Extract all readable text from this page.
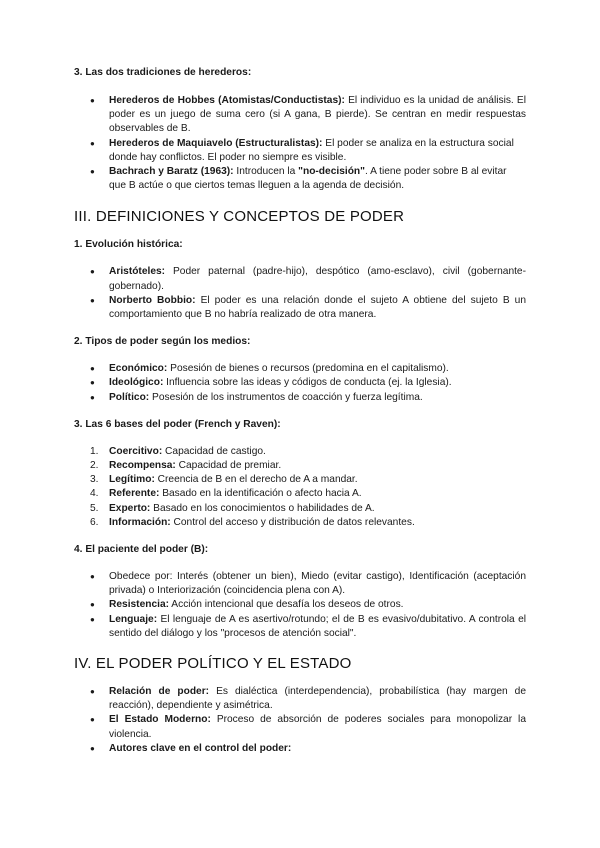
3. Las dos tradiciones de herederos:
●
Herederos de Hobbes (Atomistas/Conductistas): El individuo es la unidad de análisis. El poder es un juego de suma cero (si A gana, B pierde). Se centran en medir respuestas observables de B.
●
Herederos de Maquiavelo (Estructuralistas): El poder se analiza en la estructura social donde hay conflictos. El poder no siempre es visible.
●
Bachrach y Baratz (1963): Introducen la "no-decisión". A tiene poder sobre B al evitar que B actúe o que ciertos temas lleguen a la agenda de decisión.
III. DEFINICIONES Y CONCEPTOS DE PODER
1. Evolución histórica:
●
Aristóteles: Poder paternal (padre-hijo), despótico (amo-esclavo), civil (gobernante-gobernado).
●
Norberto Bobbio: El poder es una relación donde el sujeto A obtiene del sujeto B un comportamiento que B no habría realizado de otra manera.
2. Tipos de poder según los medios:
●
Económico: Posesión de bienes o recursos (predomina en el capitalismo).
●
Ideológico: Influencia sobre las ideas y códigos de conducta (ej. la Iglesia).
●
Político: Posesión de los instrumentos de coacción y fuerza legítima.
3. Las 6 bases del poder (French y Raven):
1. Coercitivo: Capacidad de castigo.
2. Recompensa: Capacidad de premiar.
3. Legítimo: Creencia de B en el derecho de A a mandar.
4. Referente: Basado en la identificación o afecto hacia A.
5. Experto: Basado en los conocimientos o habilidades de A.
6. Información: Control del acceso y distribución de datos relevantes.
4. El paciente del poder (B):
●
Obedece por: Interés (obtener un bien), Miedo (evitar castigo), Identificación (aceptación privada) o Interiorización (coincidencia plena con A).
●
Resistencia: Acción intencional que desafía los deseos de otros.
●
Lenguaje: El lenguaje de A es asertivo/rotundo; el de B es evasivo/dubitativo. A controla el sentido del diálogo y los "procesos de atención social".
IV. EL PODER POLÍTICO Y EL ESTADO
●
Relación de poder: Es dialéctica (interdependencia), probabilística (hay margen de reacción), dependiente y asimétrica.
●
El Estado Moderno: Proceso de absorción de poderes sociales para monopolizar la violencia.
●
Autores clave en el control del poder:
